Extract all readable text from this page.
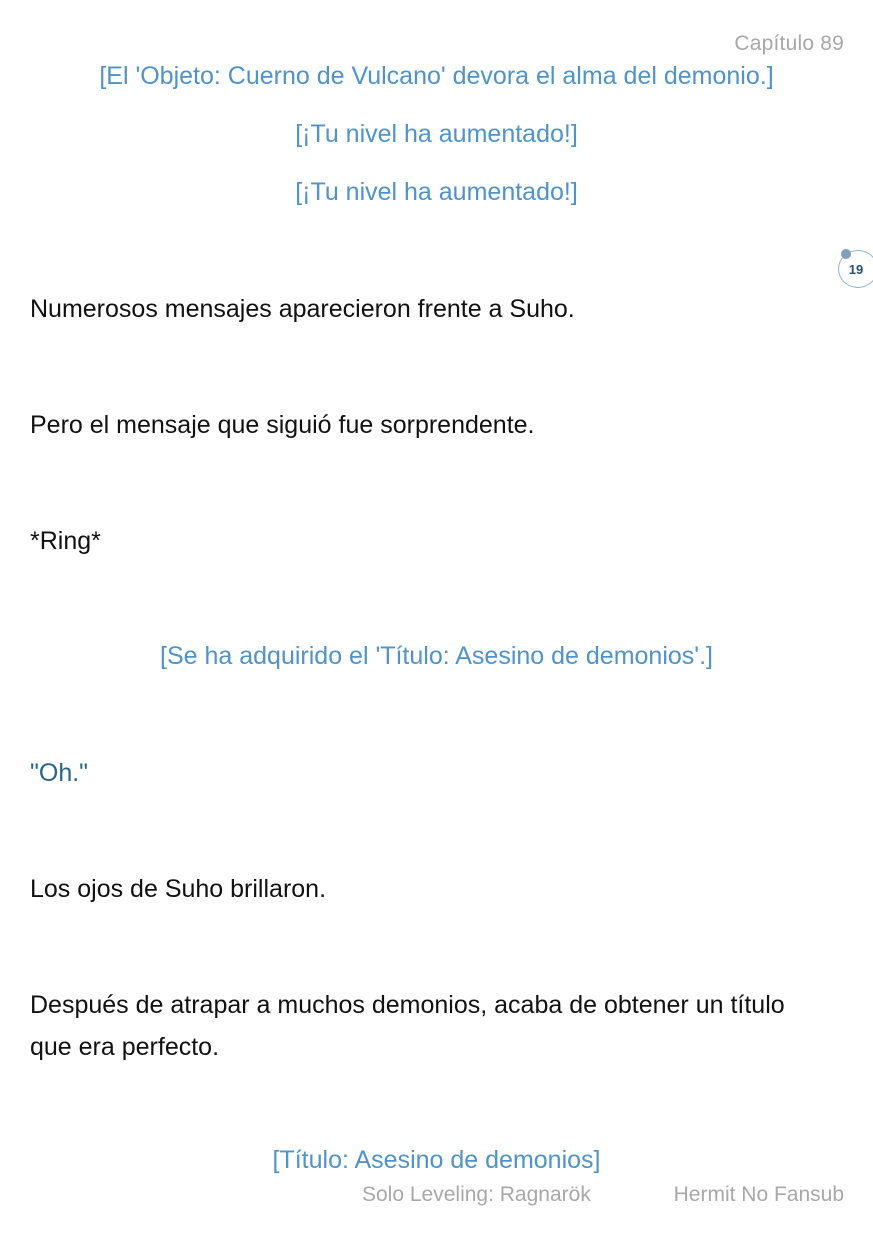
Capítulo 89
[El 'Objeto: Cuerno de Vulcano' devora el alma del demonio.]
[¡Tu nivel ha aumentado!]
[¡Tu nivel ha aumentado!]
19

Numerosos mensajes aparecieron frente a Suho.

Pero el mensaje que siguió fue sorprendente.

*Ring*

[Se ha adquirido el 'Título: Asesino de demonios'.]

"Oh."

Los ojos de Suho brillaron.

Después de atrapar a muchos demonios, acaba de obtener un título que era perfecto.

[Título: Asesino de demonios]
Solo Leveling: Ragnarök	Hermit No Fansub
